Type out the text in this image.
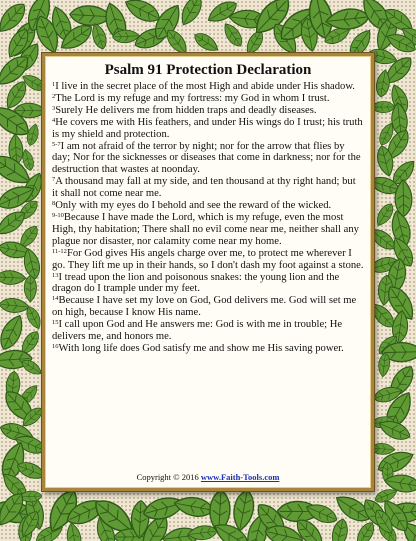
Psalm 91 Protection Declaration

$^1$I live in the secret place of the most High and abide under His shadow.

$^2$The Lord is my refuge and my fortress: my God in whom I trust.

$^3$Surely He delivers me from hidden traps and deadly diseases.

$^4$He covers me with His feathers, and under His wings do I trust; his truth is my shield and protection.

$^{5-7}$I am not afraid of the terror by night; nor for the arrow that flies by day; Nor for the sicknesses or diseases that come in darkness; nor for the destruction that wastes at noonday.

$^7$A thousand may fall at my side, and ten thousand at thy right hand; but it shall not come near me.

$^8$Only with my eyes do I behold and see the reward of the wicked.

$^{9-10}$Because I have made the Lord, which is my refuge, even the most High, thy habitation; There shall no evil come near me, neither shall any plague nor disaster, nor calamity come near my home.

$^{11-12}$For God gives His angels charge over me, to protect me wherever I go. They lift me up in their hands, so I don't dash my foot against a stone.

$^{13}$I tread upon the lion and poisonous snakes: the young lion and the dragon do I trample under my feet.

$^{14}$Because I have set my love on God, God delivers me. God will set me on high, because I know His name.

$^{15}$I call upon God and He answers me: God is with me in trouble; He delivers me, and honors me.

$^{16}$With long life does God satisfy me and show me His saving power.

Copyright © 2016 www.Faith-Tools.com
